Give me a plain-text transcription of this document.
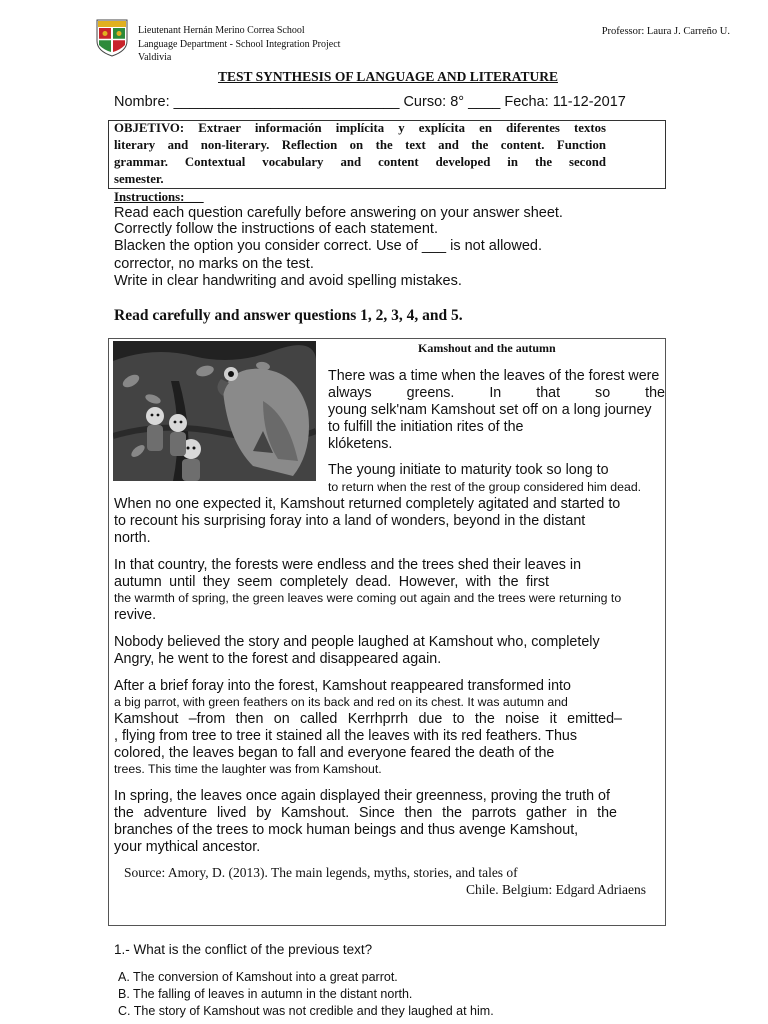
Lieutenant Hernán Merino Correa School
Language Department - School Integration Project
Valdivia
Professor: Laura J. Carreño U.
TEST SYNTHESIS OF LANGUAGE AND LITERATURE
Nombre: ____________________________ Curso: 8° ____ Fecha: 11-12-2017
OBJETIVO: Extraer información implícita y explícita en diferentes textos
literary and non-literary. Reflection on the text and the content. Function
grammar. Contextual vocabulary and content developed in the second
semester.
Instructions:___
Read each question carefully before answering on your answer sheet.
Correctly follow the instructions of each statement.
Blacken the option you consider correct. Use of ___ is not allowed.
corrector, no marks on the test.
Write in clear handwriting and avoid spelling mistakes.
Read carefully and answer questions 1, 2, 3, 4, and 5.
Kamshout and the autumn
There was a time when the leaves of the forest were
always greens. In that so the
young selk'nam Kamshout set off on a long journey
to fulfill the initiation rites of the
klóketens.
The young initiate to maturity took so long to
to return when the rest of the group considered him dead.
When no one expected it, Kamshout returned completely agitated and started to
to recount his surprising foray into a land of wonders, beyond in the distant
north.
In that country, the forests were endless and the trees shed their leaves in
autumn until they seem completely dead. However, with the first
the warmth of spring, the green leaves were coming out again and the trees were returning to
revive.
Nobody believed the story and people laughed at Kamshout who, completely
Angry, he went to the forest and disappeared again.
After a brief foray into the forest, Kamshout reappeared transformed into
a big parrot, with green feathers on its back and red on its chest. It was autumn and
Kamshout –from then on called Kerrhprrh due to the noise it emitted–
, flying from tree to tree it stained all the leaves with its red feathers. Thus
colored, the leaves began to fall and everyone feared the death of the
trees. This time the laughter was from Kamshout.
In spring, the leaves once again displayed their greenness, proving the truth of
the adventure lived by Kamshout. Since then the parrots gather in the
branches of the trees to mock human beings and thus avenge Kamshout,
your mythical ancestor.
Source: Amory, D. (2013). The main legends, myths, stories, and tales of
Chile. Belgium: Edgard Adriaens
1.- What is the conflict of the previous text?
A. The conversion of Kamshout into a great parrot.
B. The falling of leaves in autumn in the distant north.
C. The story of Kamshout was not credible and they laughed at him.
